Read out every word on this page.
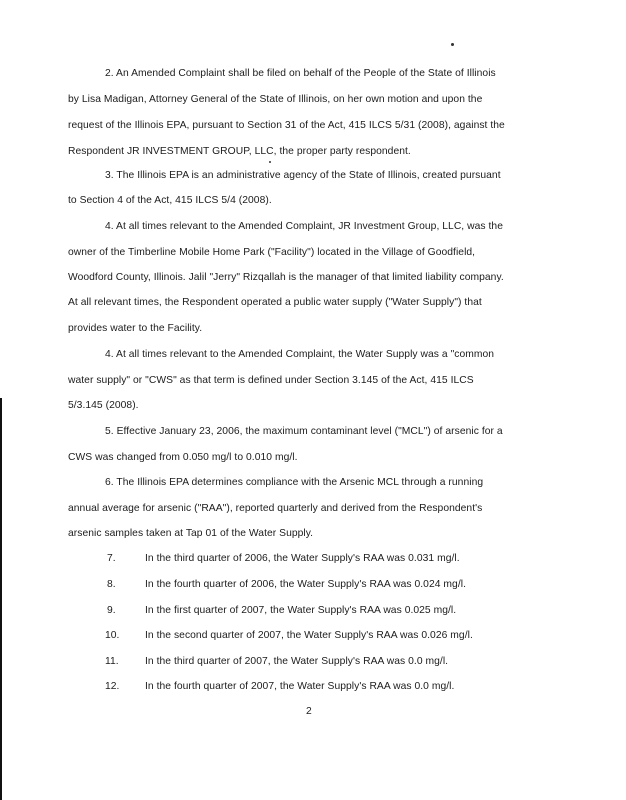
2. An Amended Complaint shall be filed on behalf of the People of the State of Illinois
by Lisa Madigan, Attorney General of the State of Illinois, on her own motion and upon the
request of the Illinois EPA, pursuant to Section 31 of the Act, 415 ILCS 5/31 (2008), against the
Respondent JR INVESTMENT GROUP, LLC, the proper party respondent.
3. The Illinois EPA is an administrative agency of the State of Illinois, created pursuant
to Section 4 of the Act, 415 ILCS 5/4 (2008).
4. At all times relevant to the Amended Complaint, JR Investment Group, LLC, was the
owner of the Timberline Mobile Home Park ("Facility") located in the Village of Goodfield,
Woodford County, Illinois. Jalil "Jerry" Rizqallah is the manager of that limited liability company.
At all relevant times, the Respondent operated a public water supply ("Water Supply") that
provides water to the Facility.
4. At all times relevant to the Amended Complaint, the Water Supply was a "common
water supply" or "CWS" as that term is defined under Section 3.145 of the Act, 415 ILCS
5/3.145 (2008).
5. Effective January 23, 2006, the maximum contaminant level ("MCL") of arsenic for a
CWS was changed from 0.050 mg/l to 0.010 mg/l.
6. The Illinois EPA determines compliance with the Arsenic MCL through a running
annual average for arsenic ("RAA"), reported quarterly and derived from the Respondent's
arsenic samples taken at Tap 01 of the Water Supply.
7.	In the third quarter of 2006, the Water Supply's RAA was 0.031 mg/l.
8.	In the fourth quarter of 2006, the Water Supply's RAA was 0.024 mg/l.
9.	In the first quarter of 2007, the Water Supply's RAA was 0.025 mg/l.
10. In the second quarter of 2007, the Water Supply's RAA was 0.026 mg/l.
11.	In the third quarter of 2007, the Water Supply's RAA was 0.0 mg/l.
12. In the fourth quarter of 2007, the Water Supply's RAA was 0.0 mg/l.
2
